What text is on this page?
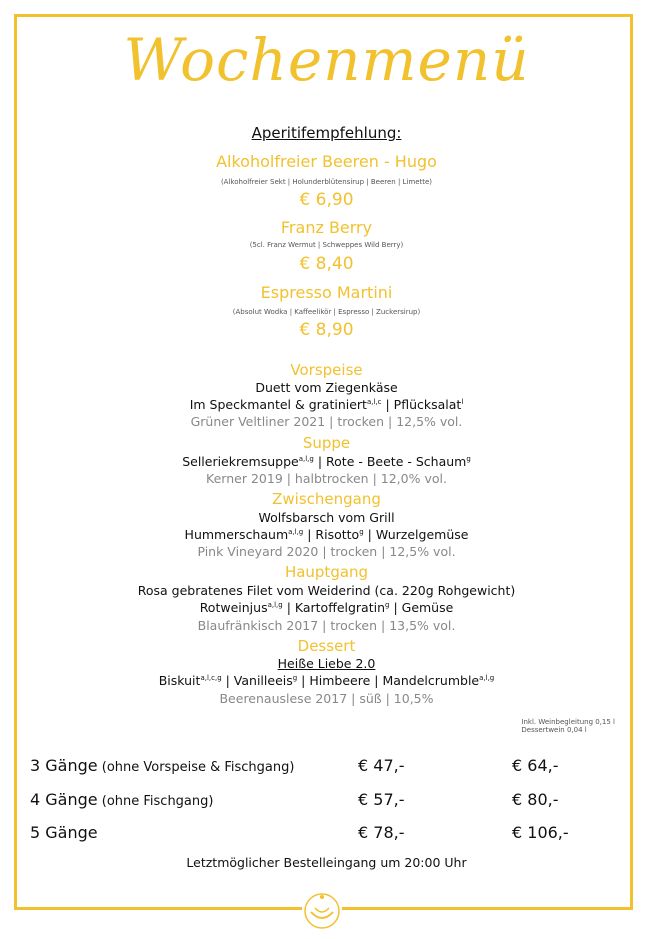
Wochenmenü
Aperitifempfehlung:
Alkoholfreier Beeren - Hugo
(Alkoholfreier Sekt | Holunderblütensirup | Beeren | Limette)
€ 6,90
Franz Berry
(5cl. Franz Wermut | Schweppes Wild Berry)
€ 8,40
Espresso Martini
(Absolut Wodka | Kaffeelikör | Espresso | Zuckersirup)
€ 8,90
Vorspeise
Duett vom Ziegenkäse
Im Speckmantel & gratiniert$^{a,l,c}$ | Pflücksalat$^l$
Grüner Veltliner 2021 | trocken | 12,5% vol.
Suppe
Selleriekremsuppe$^{a,l,g}$ | Rote - Beete - Schaum$^g$
Kerner 2019 | halbtrocken | 12,0% vol.
Zwischengang
Wolfsbarsch vom Grill
Hummerschaum$^{a,l,g}$ | Risotto$^g$ | Wurzelgemüse
Pink Vineyard 2020 | trocken | 12,5% vol.
Hauptgang
Rosa gebratenes Filet vom Weiderind (ca. 220g Rohgewicht)
Rotweinjus$^{a,l,g}$ | Kartoffelgratin$^g$ | Gemüse
Blaufränkisch 2017 | trocken | 13,5% vol.
Dessert
Heiße Liebe 2.0
Biskuit$^{a,l,c,g}$ | Vanilleeis$^g$ | Himbeere | Mandelcrumble$^{a,l,g}$
Beerenauslese 2017 | süß | 10,5%
Inkl. Weinbegleitung 0,15 l
Dessertwein 0,04 l
3 Gänge (ohne Vorspeise & Fischgang)	€ 47,-	€ 64,-
4 Gänge (ohne Fischgang)	€ 57,-	€ 80,-
5 Gänge	€ 78,-	€ 106,-
Letztmöglicher Bestelleingang um 20:00 Uhr
